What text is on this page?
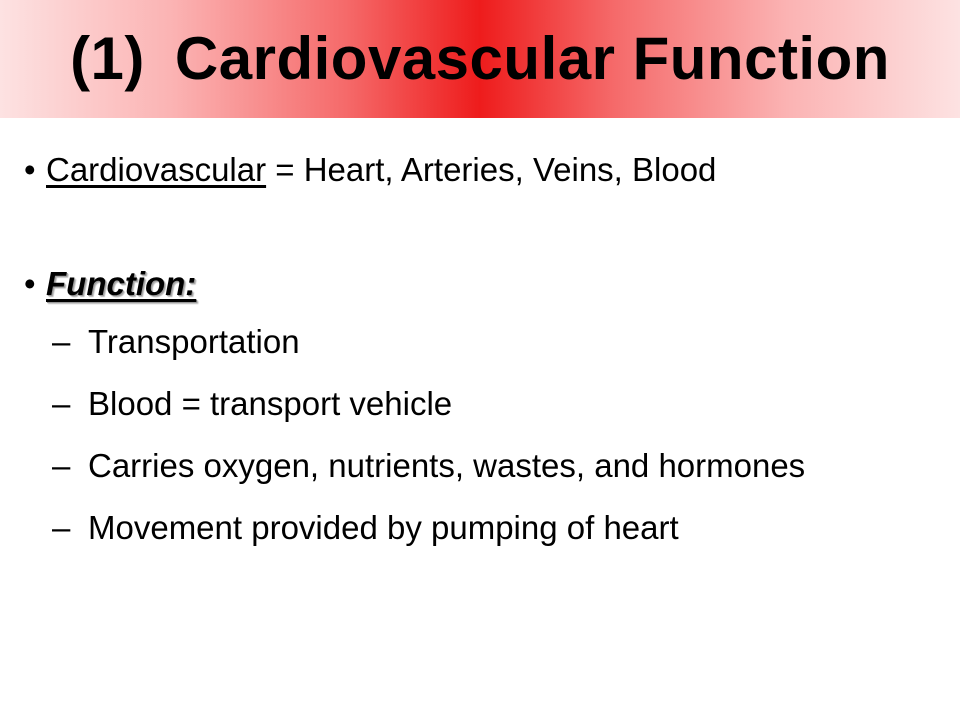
(1) Cardiovascular Function
• Cardiovascular = Heart, Arteries, Veins, Blood
• Function:
– Transportation
– Blood = transport vehicle
– Carries oxygen, nutrients, wastes, and hormones
– Movement provided by pumping of heart
